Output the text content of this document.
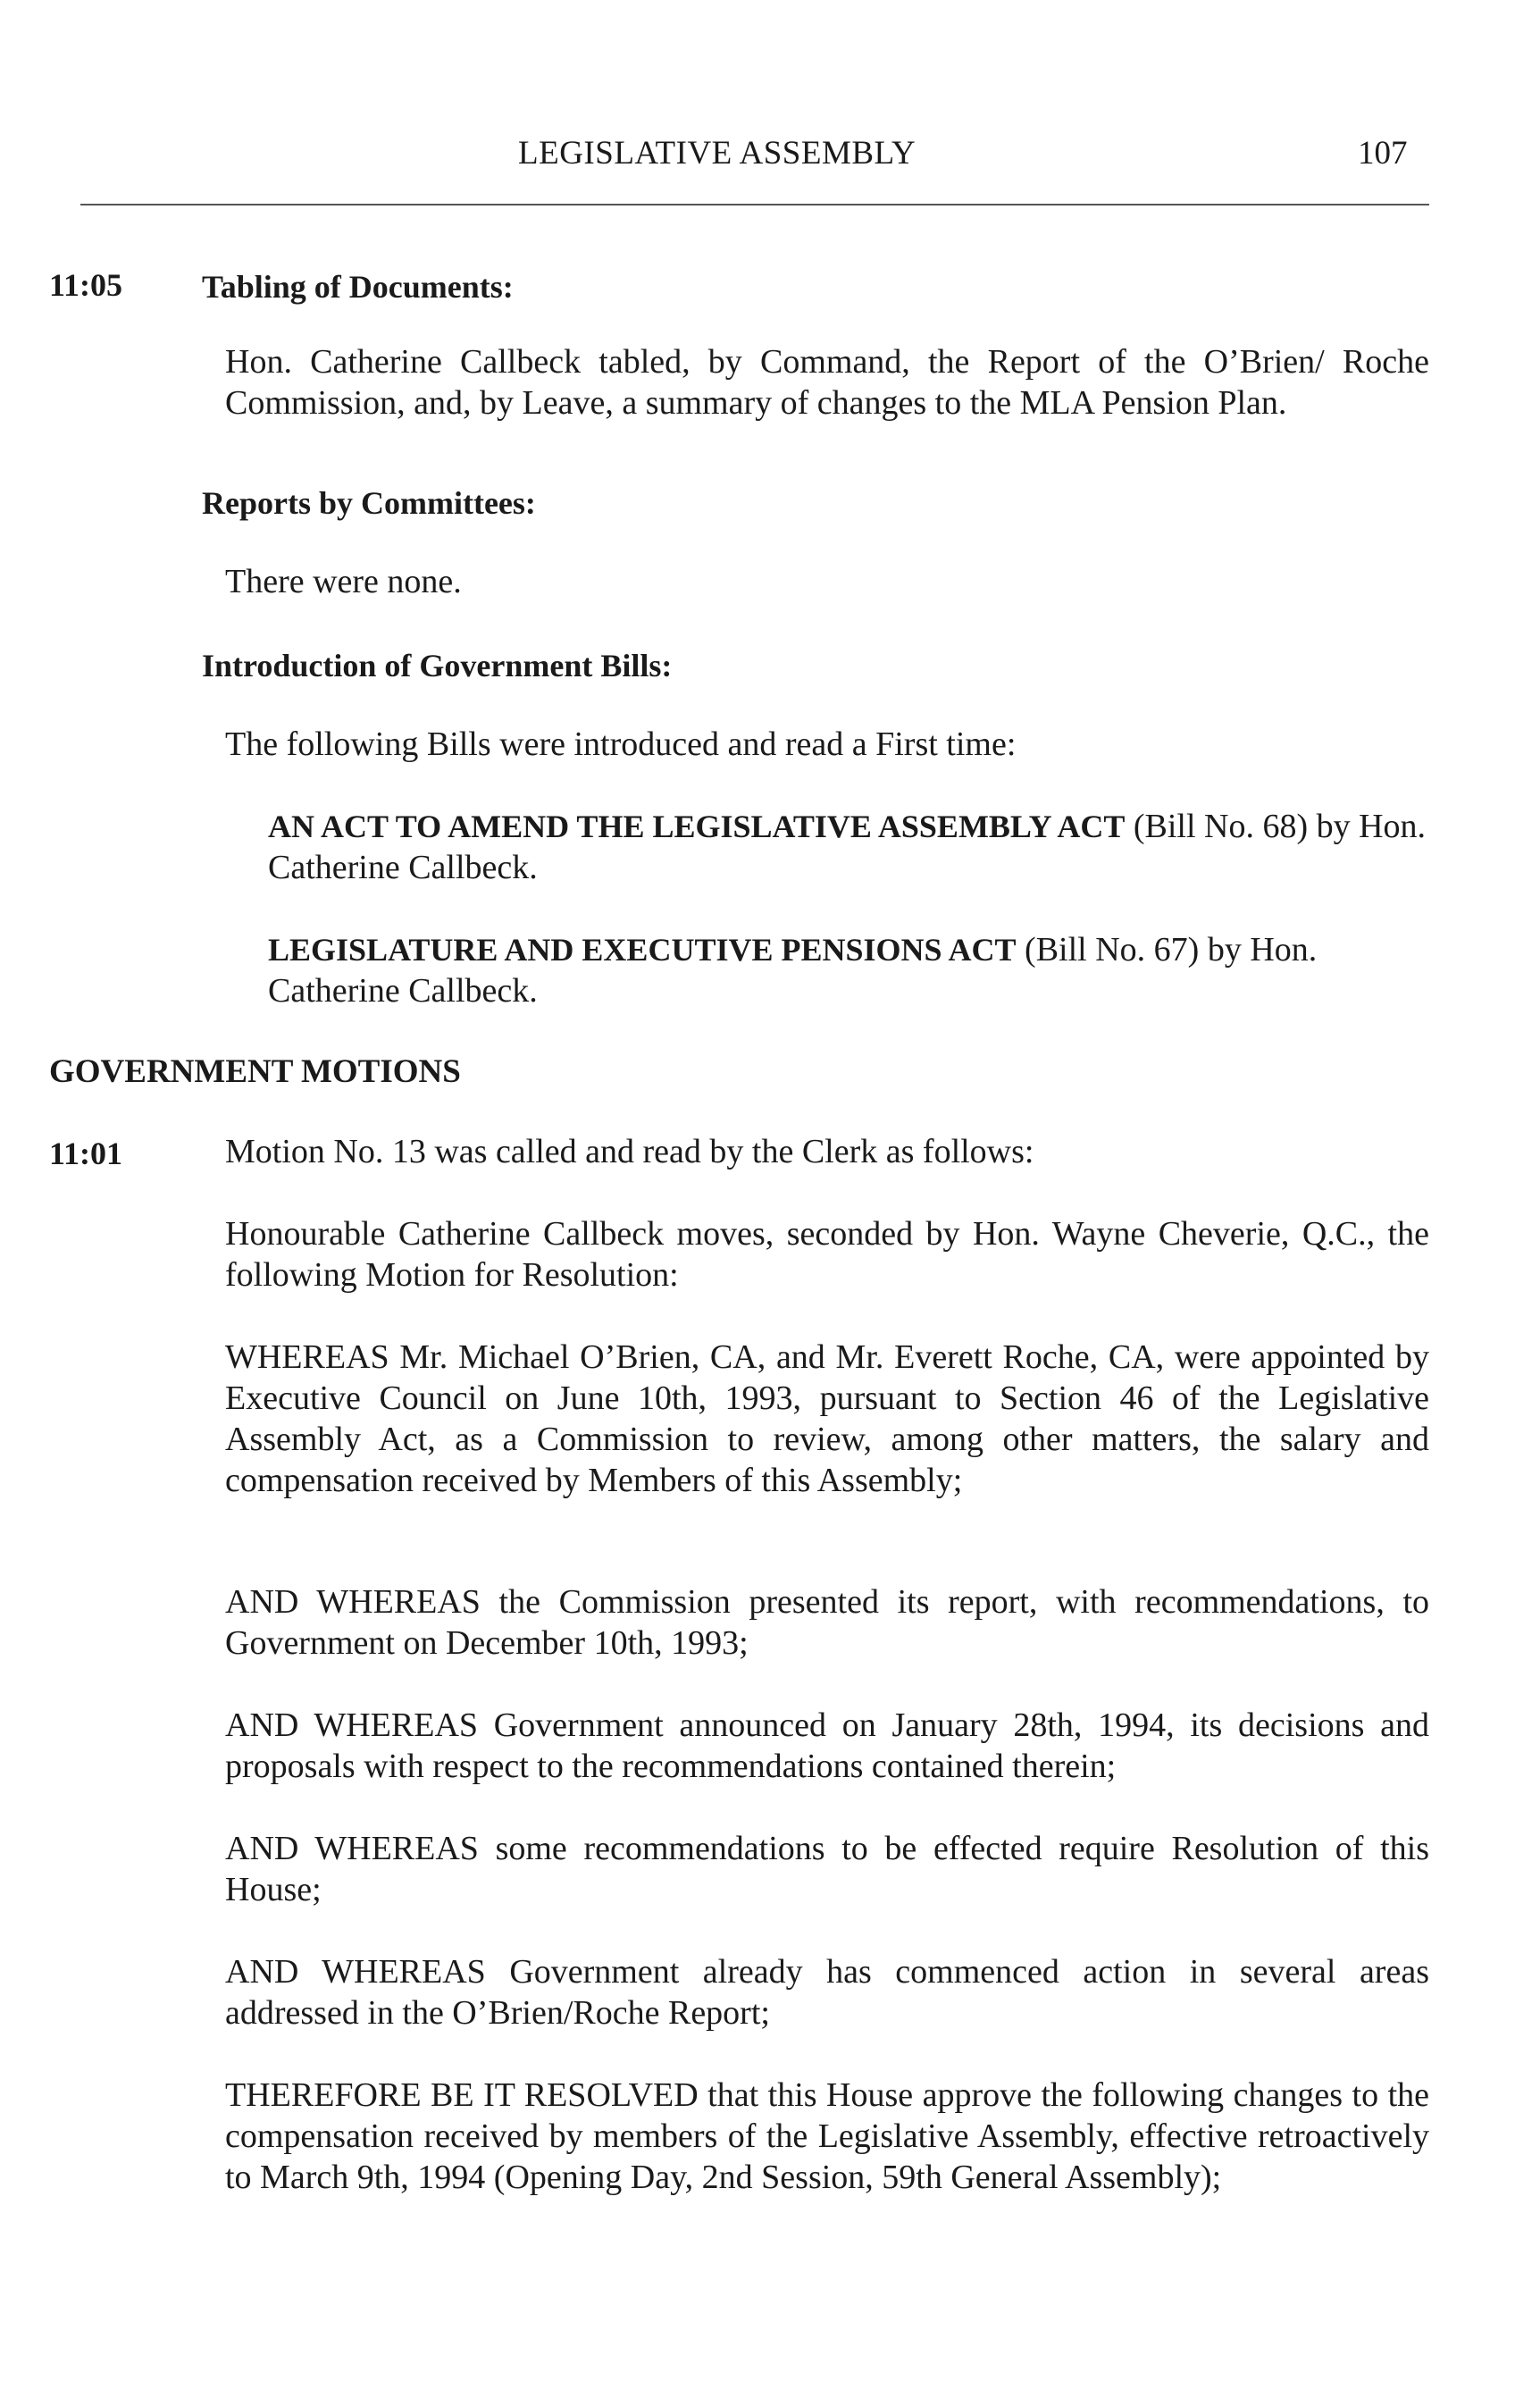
LEGISLATIVE ASSEMBLY	107
11:05 Tabling of Documents:

Hon. Catherine Callbeck tabled, by Command, the Report of the O’Brien/ Roche Commission, and, by Leave, a summary of changes to the MLA Pension Plan.

Reports by Committees:

There were none.

Introduction of Government Bills:

The following Bills were introduced and read a First time:

AN ACT TO AMEND THE LEGISLATIVE ASSEMBLY ACT (Bill No. 68) by Hon. Catherine Callbeck.

LEGISLATURE AND EXECUTIVE PENSIONS ACT (Bill No. 67) by Hon. Catherine Callbeck.

GOVERNMENT MOTIONS
11:01	Motion No. 13 was called and read by the Clerk as follows:

Honourable Catherine Callbeck moves, seconded by Hon. Wayne Cheverie, Q.C., the following Motion for Resolution:

WHEREAS Mr. Michael O’Brien, CA, and Mr. Everett Roche, CA, were appointed by Executive Council on June 10th, 1993, pursuant to Section 46 of the Legislative Assembly Act, as a Commission to review, among other matters, the salary and compensation received by Members of this Assembly;

AND WHEREAS the Commission presented its report, with recommendations, to Government on December 10th, 1993;

AND WHEREAS Government announced on January 28th, 1994, its decisions and proposals with respect to the recommendations contained therein;

AND WHEREAS some recommendations to be effected require Resolution of this House;

AND WHEREAS Government already has commenced action in several areas addressed in the O’Brien/Roche Report;

THEREFORE BE IT RESOLVED that this House approve the following changes to the compensation received by members of the Legislative Assembly, effective retroactively to March 9th, 1994 (Opening Day, 2nd Session, 59th General Assembly);
